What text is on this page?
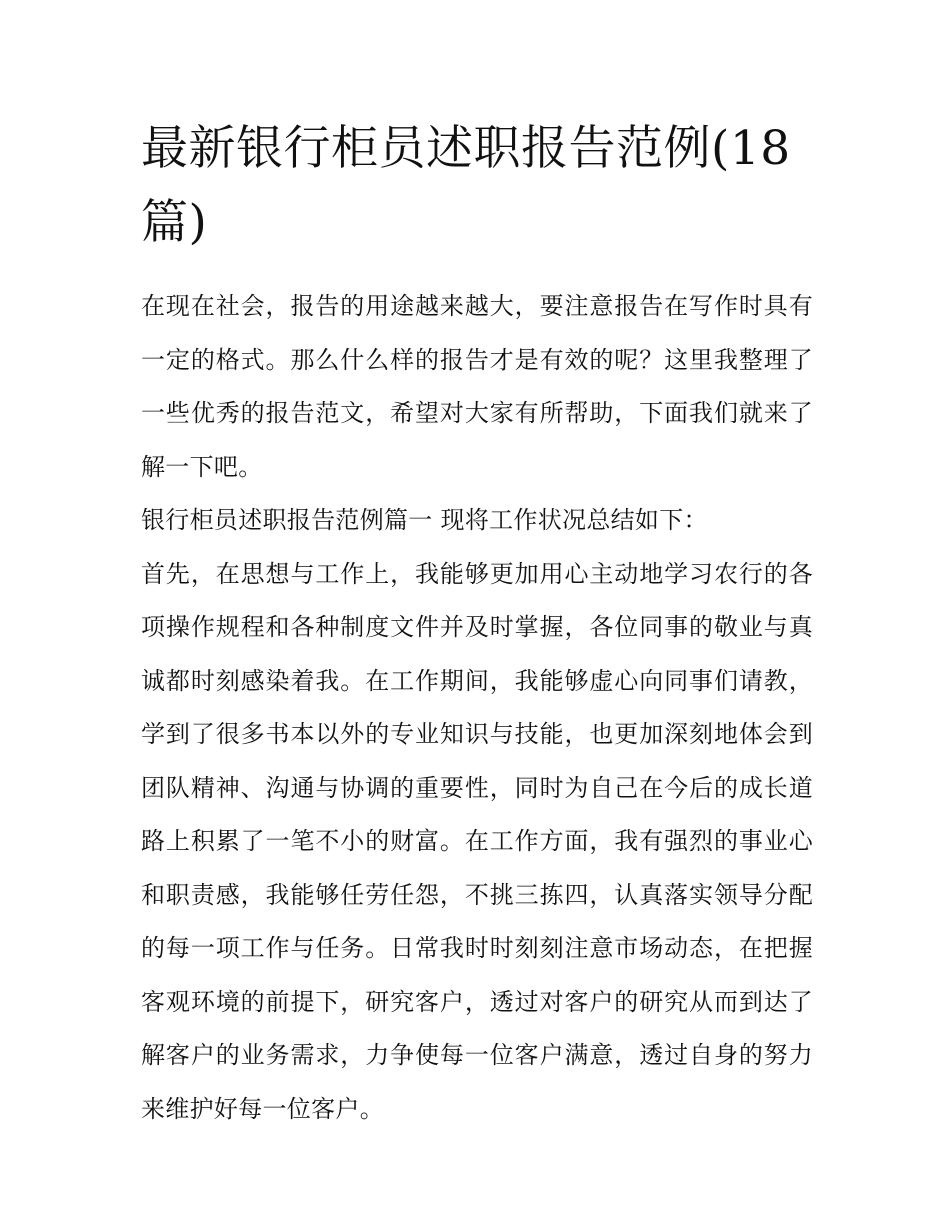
最新银行柜员述职报告范例(18篇)

在现在社会，报告的用途越来越大，要注意报告在写作时具有一定的格式。那么什么样的报告才是有效的呢？这里我整理了一些优秀的报告范文，希望对大家有所帮助，下面我们就来了解一下吧。

银行柜员述职报告范例篇一 现将工作状况总结如下：

首先，在思想与工作上，我能够更加用心主动地学习农行的各项操作规程和各种制度文件并及时掌握，各位同事的敬业与真诚都时刻感染着我。在工作期间，我能够虚心向同事们请教，学到了很多书本以外的专业知识与技能，也更加深刻地体会到团队精神、沟通与协调的重要性，同时为自己在今后的成长道路上积累了一笔不小的财富。在工作方面，我有强烈的事业心和职责感，我能够任劳任怨，不挑三拣四，认真落实领导分配的每一项工作与任务。日常我时时刻刻注意市场动态，在把握客观环境的前提下，研究客户，透过对客户的研究从而到达了解客户的业务需求，力争使每一位客户满意，透过自身的努力来维护好每一位客户。
